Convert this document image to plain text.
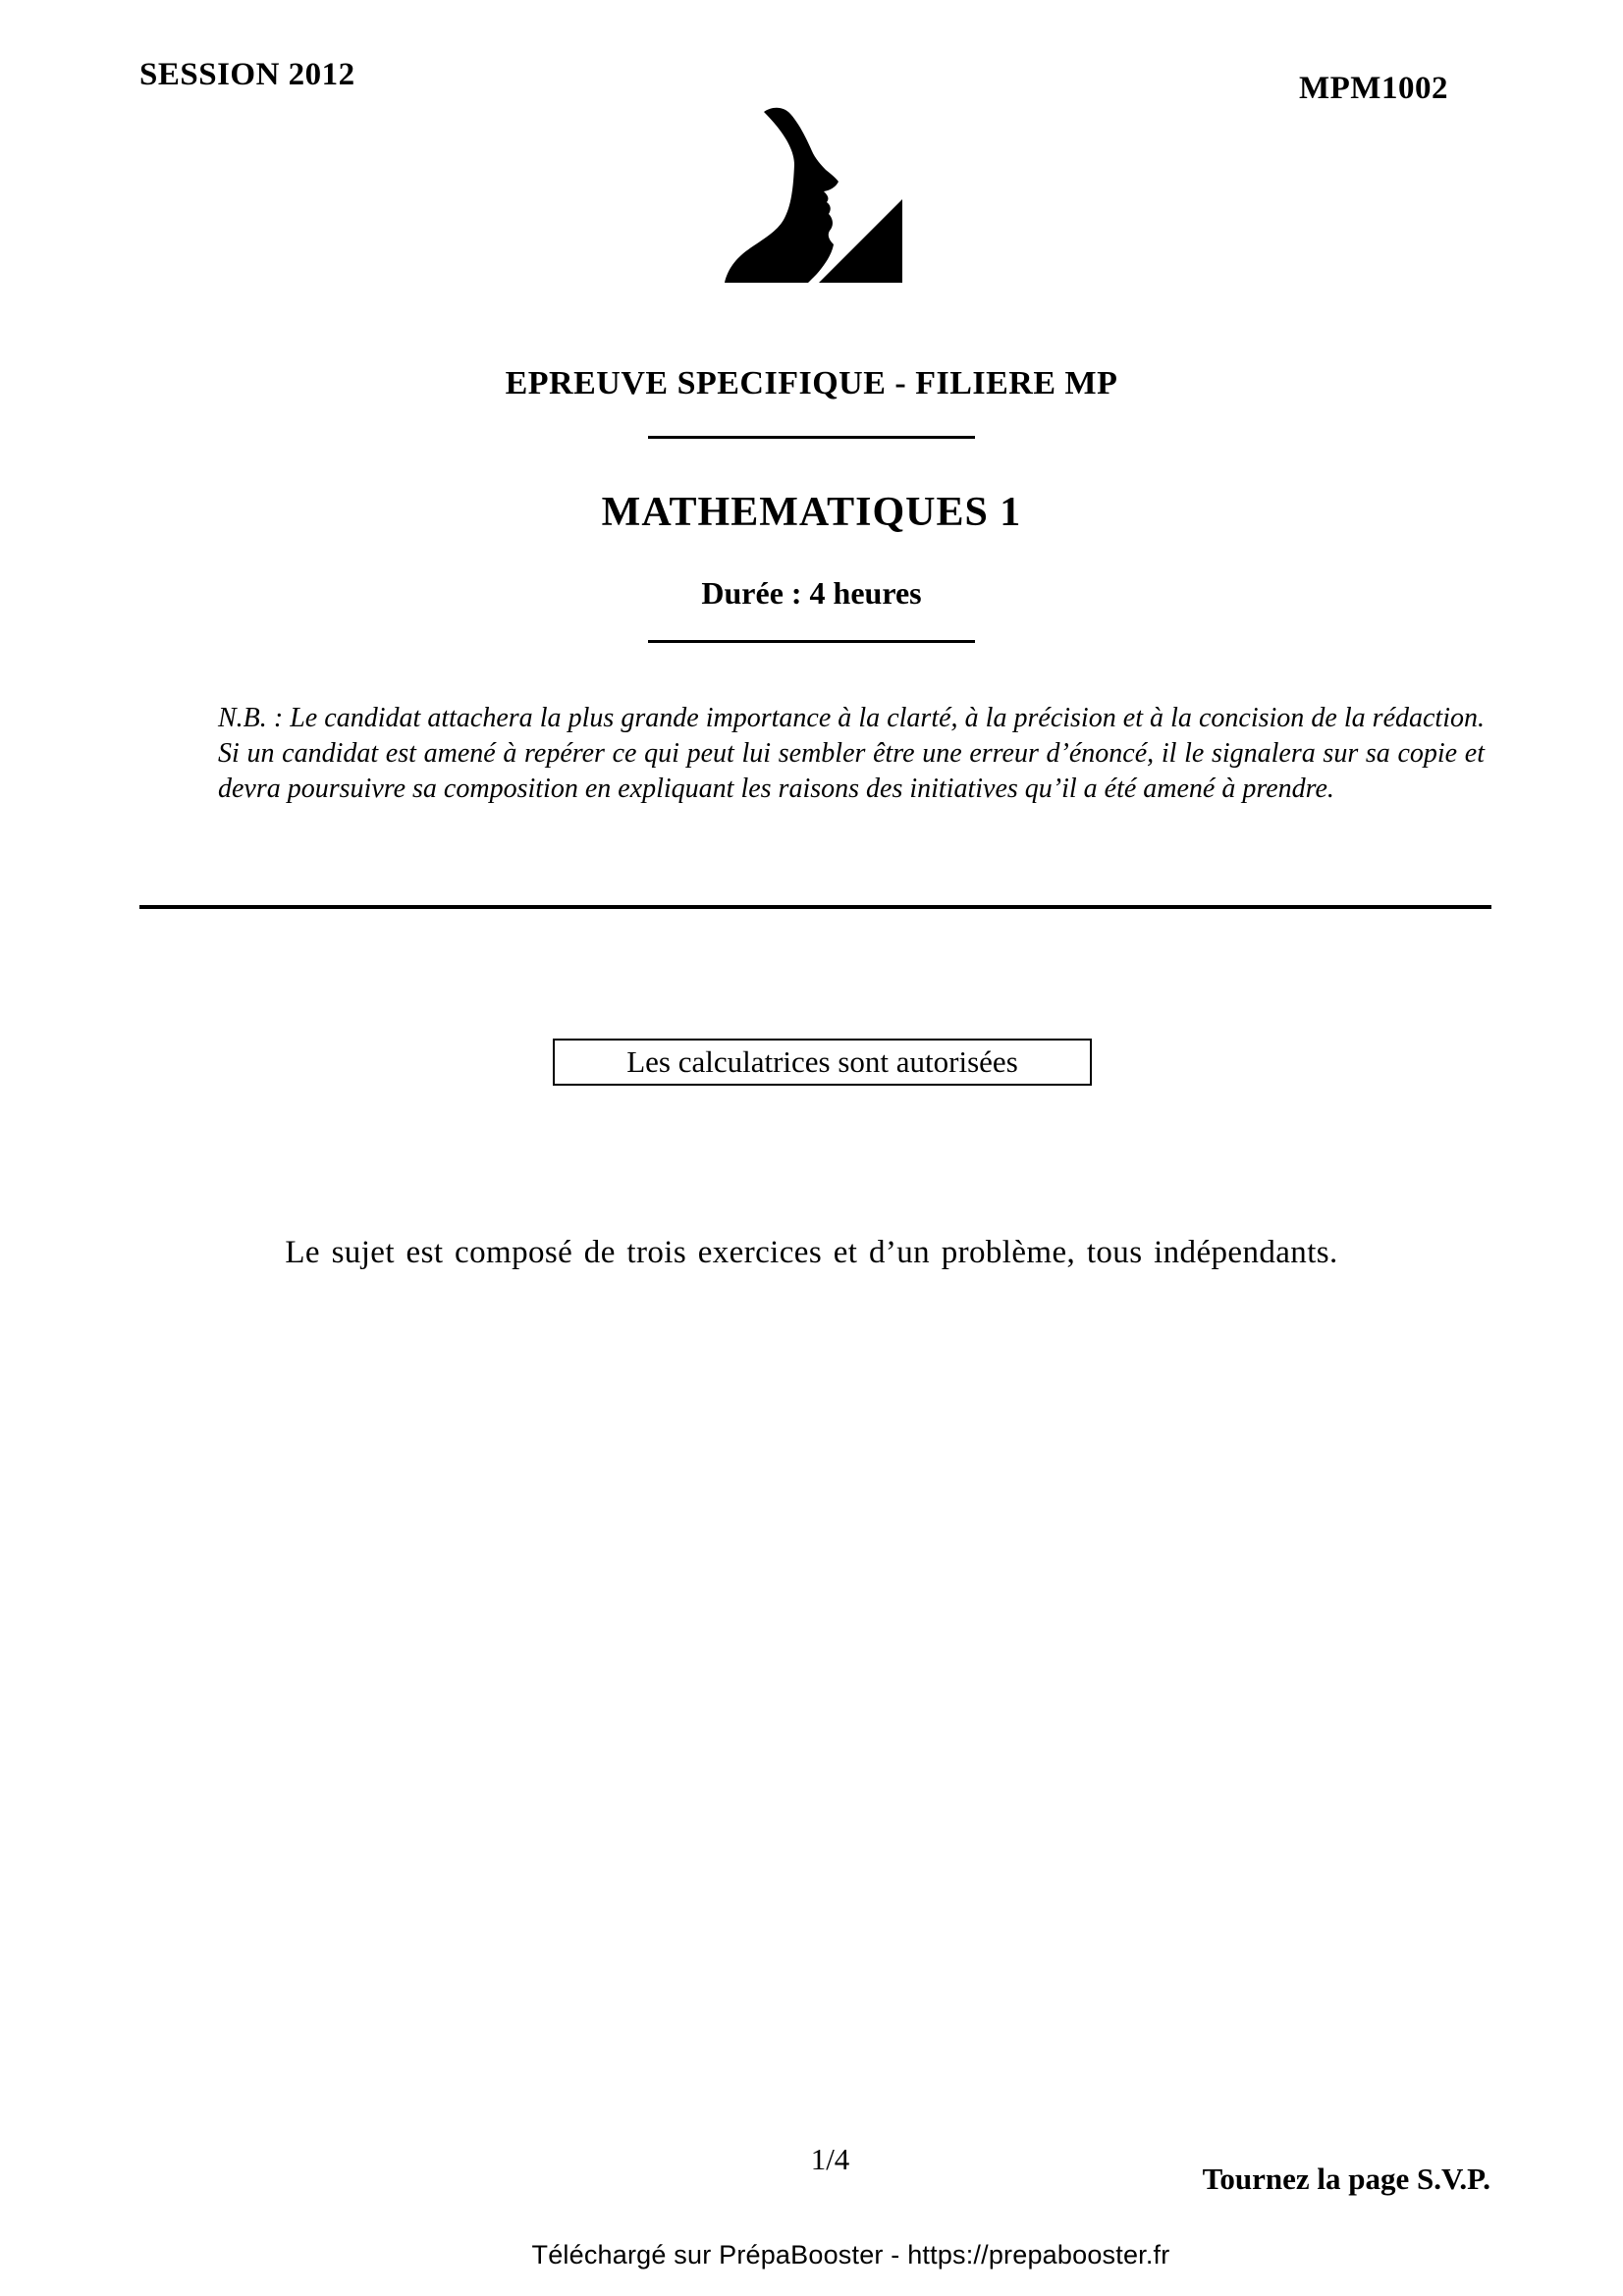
SESSION 2012	MPM1002
EPREUVE SPECIFIQUE - FILIERE MP
MATHEMATIQUES 1
Durée : 4 heures
N.B. : Le candidat attachera la plus grande importance à la clarté, à la précision et à la concision de la rédaction. Si un candidat est amené à repérer ce qui peut lui sembler être une erreur d’énoncé, il le signalera sur sa copie et devra poursuivre sa composition en expliquant les raisons des initiatives qu’il a été amené à prendre.
Les calculatrices sont autorisées
Le sujet est composé de trois exercices et d’un problème, tous indépendants.
1/4
Tournez la page S.V.P.
Téléchargé sur PrépaBooster - https://prepabooster.fr
